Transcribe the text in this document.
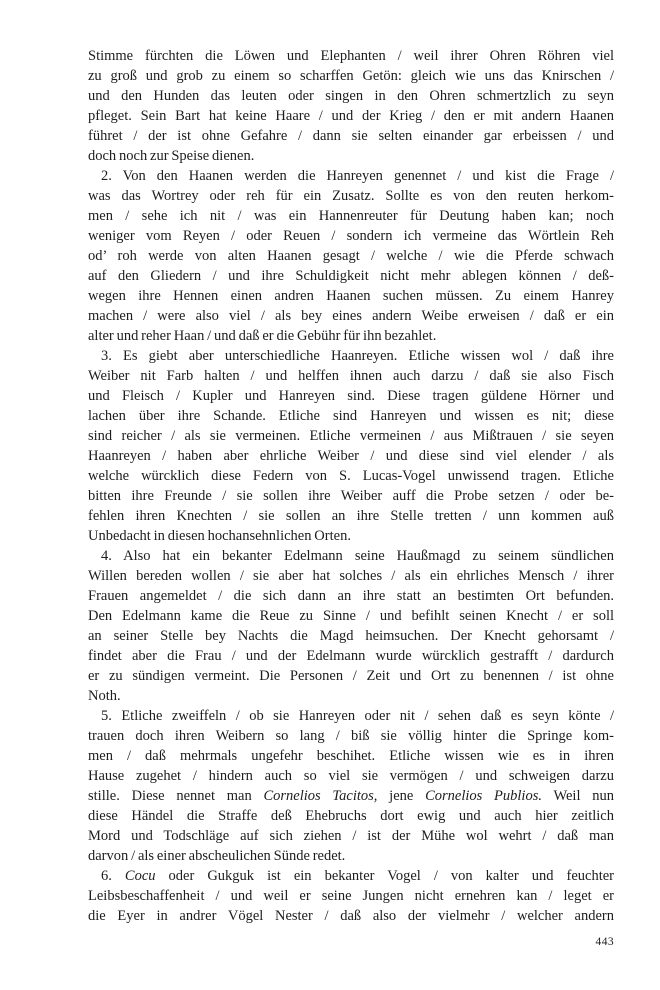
Stimme fürchten die Löwen und Elephanten / weil ihrer Ohren Röhren viel
zu groß und grob zu einem so scharffen Getön: gleich wie uns das Knirschen /
und den Hunden das leuten oder singen in den Ohren schmertzlich zu seyn
pfleget. Sein Bart hat keine Haare / und der Krieg / den er mit andern Haanen
führet / der ist ohne Gefahre / dann sie selten einander gar erbeissen / und
doch noch zur Speise dienen.
2. Von den Haanen werden die Hanreyen genennet / und kist die Frage /
was das Wortrey oder reh für ein Zusatz. Sollte es von den reuten herkom-
men / sehe ich nit / was ein Hannenreuter für Deutung haben kan; noch
weniger vom Reyen / oder Reuen / sondern ich vermeine das Wörtlein Reh
od’ roh werde von alten Haanen gesagt / welche / wie die Pferde schwach
auf den Gliedern / und ihre Schuldigkeit nicht mehr ablegen können / deß-
wegen ihre Hennen einen andren Haanen suchen müssen. Zu einem Hanrey
machen / were also viel / als bey eines andern Weibe erweisen / daß er ein
alter und reher Haan / und daß er die Gebühr für ihn bezahlet.
3. Es giebt aber unterschiedliche Haanreyen. Etliche wissen wol / daß ihre
Weiber nit Farb halten / und helffen ihnen auch darzu / daß sie also Fisch
und Fleisch / Kupler und Hanreyen sind. Diese tragen güldene Hörner und
lachen über ihre Schande. Etliche sind Hanreyen und wissen es nit; diese
sind reicher / als sie vermeinen. Etliche vermeinen / aus Mißtrauen / sie seyen
Haanreyen / haben aber ehrliche Weiber / und diese sind viel elender / als
welche würcklich diese Federn von S. Lucas-Vogel unwissend tragen. Etliche
bitten ihre Freunde / sie sollen ihre Weiber auff die Probe setzen / oder be-
fehlen ihren Knechten / sie sollen an ihre Stelle tretten / unn kommen auß
Unbedacht in diesen hochansehnlichen Orten.
4. Also hat ein bekanter Edelmann seine Haußmagd zu seinem sündlichen
Willen bereden wollen / sie aber hat solches / als ein ehrliches Mensch / ihrer
Frauen angemeldet / die sich dann an ihre statt an bestimten Ort befunden.
Den Edelmann kame die Reue zu Sinne / und befihlt seinen Knecht / er soll
an seiner Stelle bey Nachts die Magd heimsuchen. Der Knecht gehorsamt /
findet aber die Frau / und der Edelmann wurde würcklich gestrafft / dardurch
er zu sündigen vermeint. Die Personen / Zeit und Ort zu benennen / ist ohne
Noth.
5. Etliche zweiffeln / ob sie Hanreyen oder nit / sehen daß es seyn könte /
trauen doch ihren Weibern so lang / biß sie völlig hinter die Springe kom-
men / daß mehrmals ungefehr beschihet. Etliche wissen wie es in ihren
Hause zugehet / hindern auch so viel sie vermögen / und schweigen darzu
stille. Diese nennet man Cornelios Tacitos, jene Cornelios Publios. Weil nun
diese Händel die Straffe deß Ehebruchs dort ewig und auch hier zeitlich
Mord und Todschläge auf sich ziehen / ist der Mühe wol wehrt / daß man
darvon / als einer abscheulichen Sünde redet.
6. Cocu oder Gukguk ist ein bekanter Vogel / von kalter und feuchter
Leibsbeschaffenheit / und weil er seine Jungen nicht ernehren kan / leget er
die Eyer in andrer Vögel Nester / daß also der vielmehr / welcher andern
443
